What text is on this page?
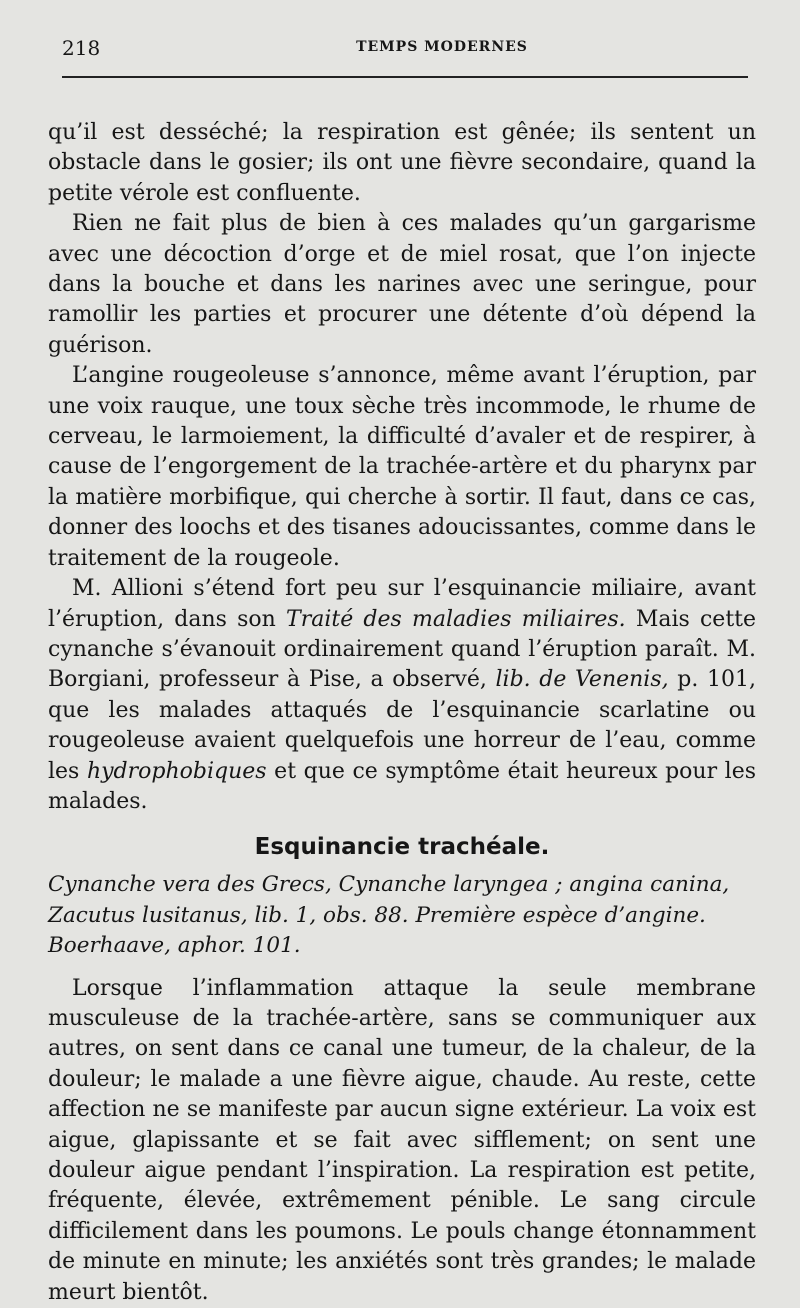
218	TEMPS MODERNES

qu’il est desséché; la respiration est gênée; ils sentent un obstacle dans le gosier; ils ont une fièvre secondaire, quand la petite vérole est confluente.

Rien ne fait plus de bien à ces malades qu’un gargarisme avec une décoction d’orge et de miel rosat, que l’on injecte dans la bouche et dans les narines avec une seringue, pour ramollir les parties et procurer une détente d’où dépend la guérison.

L’angine rougeoleuse s’annonce, même avant l’éruption, par une voix rauque, une toux sèche très incommode, le rhume de cerveau, le larmoiement, la difficulté d’avaler et de respirer, à cause de l’engorgement de la trachée-artère et du pharynx par la matière morbifique, qui cherche à sortir. Il faut, dans ce cas, donner des loochs et des tisanes adoucissantes, comme dans le traitement de la rougeole.

M. Allioni s’étend fort peu sur l’esquinancie miliaire, avant l’éruption, dans son Traité des maladies miliaires. Mais cette cynanche s’évanouit ordinairement quand l’éruption paraît. M. Borgiani, professeur à Pise, a observé, lib. de Venenis, p. 101, que les malades attaqués de l’esquinancie scarlatine ou rougeoleuse avaient quelquefois une horreur de l’eau, comme les hydrophobiques et que ce symptôme était heureux pour les malades.

Esquinancie trachéale.
Cynanche vera des Grecs, Cynanche laryngea ; angina canina,
Zacutus lusitanus, lib. 1, obs. 88. Première espèce d’angine.
Boerhaave, aphor. 101.

Lorsque l’inflammation attaque la seule membrane musculeuse de la trachée-artère, sans se communiquer aux autres, on sent dans ce canal une tumeur, de la chaleur, de la douleur; le malade a une fièvre aigue, chaude. Au reste, cette affection ne se manifeste par aucun signe extérieur. La voix est aigue, glapissante et se fait avec sifflement; on sent une douleur aigue pendant l’inspiration. La respiration est petite, fréquente, élevée, extrêmement pénible. Le sang circule difficilement dans les poumons. Le pouls change étonnamment de minute en minute; les anxiétés sont très grandes; le malade meurt bientôt.
